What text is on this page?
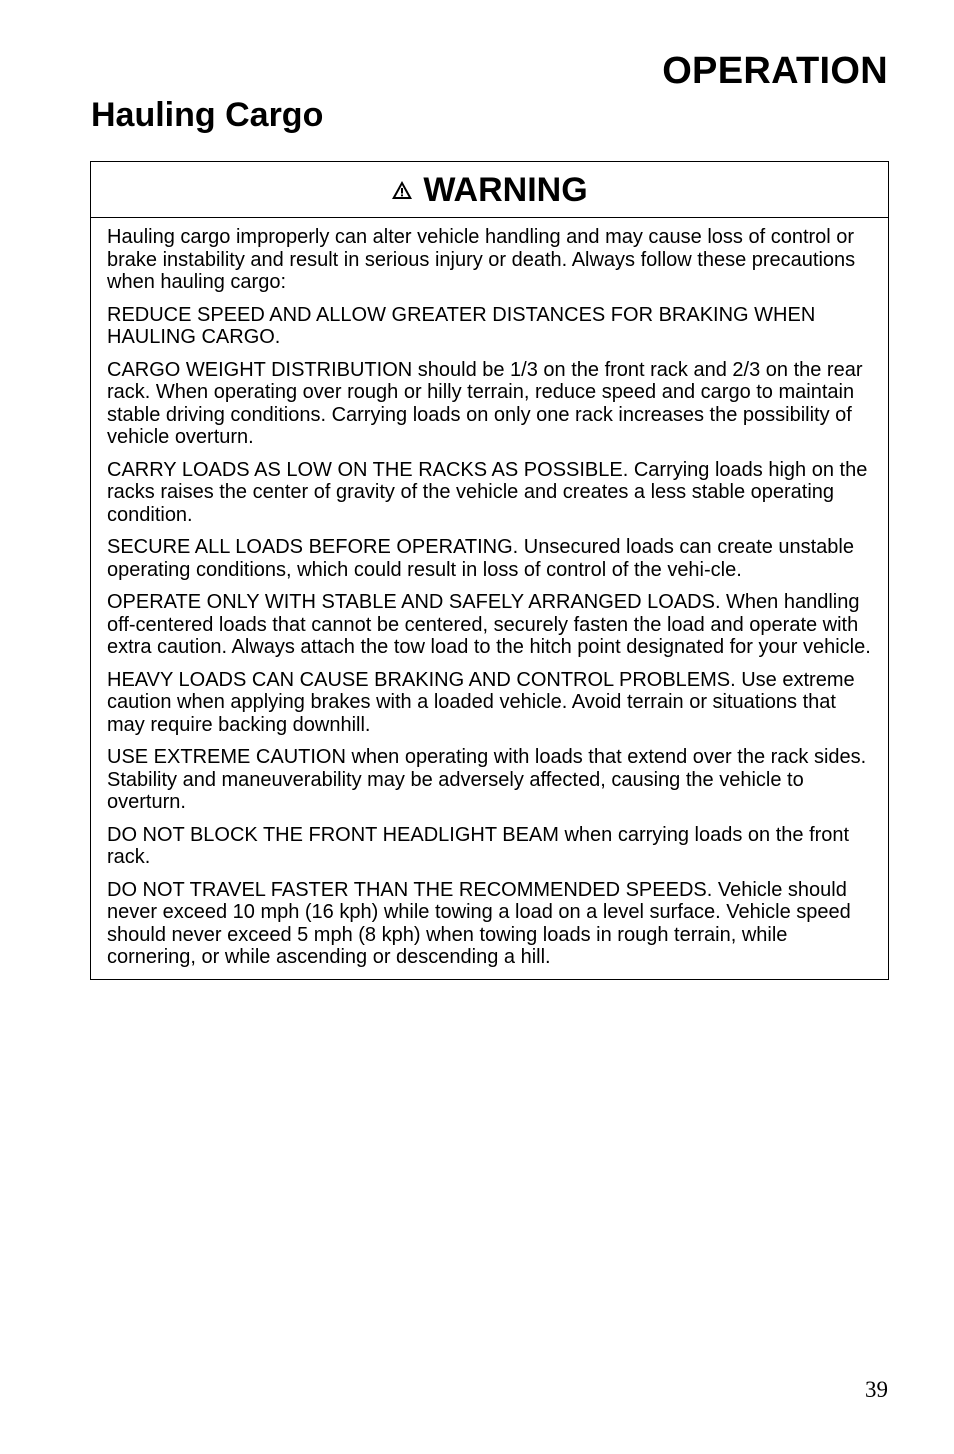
OPERATION
Hauling Cargo
WARNING

Hauling cargo improperly can alter vehicle handling and may cause loss of control or brake instability and result in serious injury or death. Always follow these precautions when hauling cargo:

REDUCE SPEED AND ALLOW GREATER DISTANCES FOR BRAKING WHEN HAULING CARGO.

CARGO WEIGHT DISTRIBUTION should be 1/3 on the front rack and 2/3 on the rear rack. When operating over rough or hilly terrain, reduce speed and cargo to maintain stable driving conditions. Carrying loads on only one rack increases the possibility of vehicle overturn.

CARRY LOADS AS LOW ON THE RACKS AS POSSIBLE. Carrying loads high on the racks raises the center of gravity of the vehicle and creates a less stable operating condition.

SECURE ALL LOADS BEFORE OPERATING. Unsecured loads can create unstable operating conditions, which could result in loss of control of the vehi-cle.

OPERATE ONLY WITH STABLE AND SAFELY ARRANGED LOADS. When handling off-centered loads that cannot be centered, securely fasten the load and operate with extra caution. Always attach the tow load to the hitch point designated for your vehicle.

HEAVY LOADS CAN CAUSE BRAKING AND CONTROL PROBLEMS. Use extreme caution when applying brakes with a loaded vehicle. Avoid terrain or situations that may require backing downhill.

USE EXTREME CAUTION when operating with loads that extend over the rack sides. Stability and maneuverability may be adversely affected, causing the vehicle to overturn.

DO NOT BLOCK THE FRONT HEADLIGHT BEAM when carrying loads on the front rack.

DO NOT TRAVEL FASTER THAN THE RECOMMENDED SPEEDS. Vehicle should never exceed 10 mph (16 kph) while towing a load on a level surface. Vehicle speed should never exceed 5 mph (8 kph) when towing loads in rough terrain, while cornering, or while ascending or descending a hill.

39
